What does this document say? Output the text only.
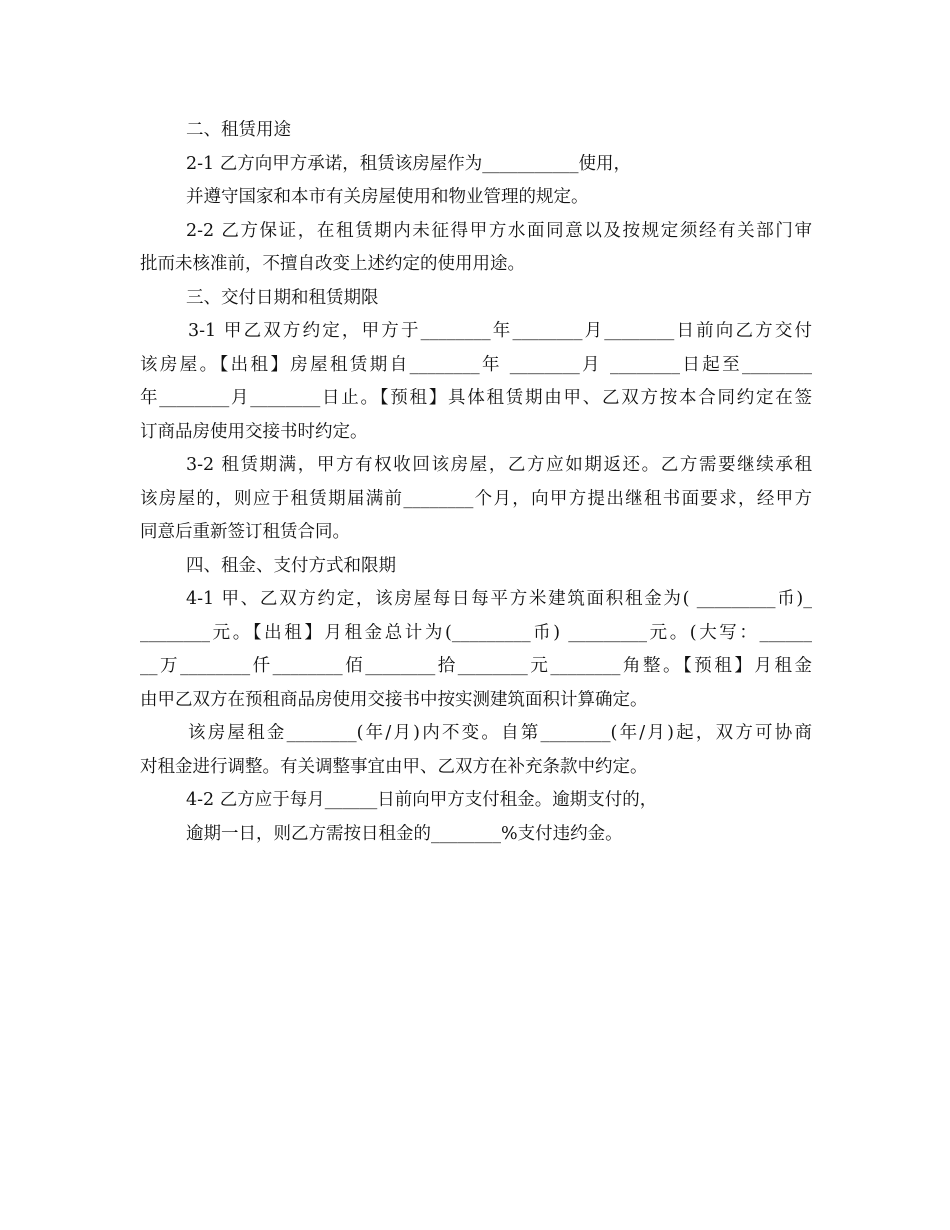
二、租赁用途
2-1 乙方向甲方承诺，租赁该房屋作为___________使用，
并遵守国家和本市有关房屋使用和物业管理的规定。
2-2 乙方保证，在租赁期内未征得甲方水面同意以及按规定须经有关部门审
批而未核准前，不擅自改变上述约定的使用用途。
三、交付日期和租赁期限
3-1 甲乙双方约定，甲方于________年________月________日前向乙方交付
该房屋。【出租】房屋租赁期自________年 ________月 ________日起至________
年________月________日止。【预租】具体租赁期由甲、乙双方按本合同约定在签
订商品房使用交接书时约定。
3-2 租赁期满，甲方有权收回该房屋，乙方应如期返还。乙方需要继续承租
该房屋的，则应于租赁期届满前________个月，向甲方提出继租书面要求，经甲方
同意后重新签订租赁合同。
四、租金、支付方式和限期
4-1 甲、乙双方约定，该房屋每日每平方米建筑面积租金为( _________币)_
________元。【出租】月租金总计为(_________币) _________元。(大写：______
__万________仟________佰________拾________元________角整。【预租】月租金
由甲乙双方在预租商品房使用交接书中按实测建筑面积计算确定。
该房屋租金________(年/月)内不变。自第________(年/月)起，双方可协商
对租金进行调整。有关调整事宜由甲、乙双方在补充条款中约定。
4-2 乙方应于每月______日前向甲方支付租金。逾期支付的，
逾期一日，则乙方需按日租金的________%支付违约金。
